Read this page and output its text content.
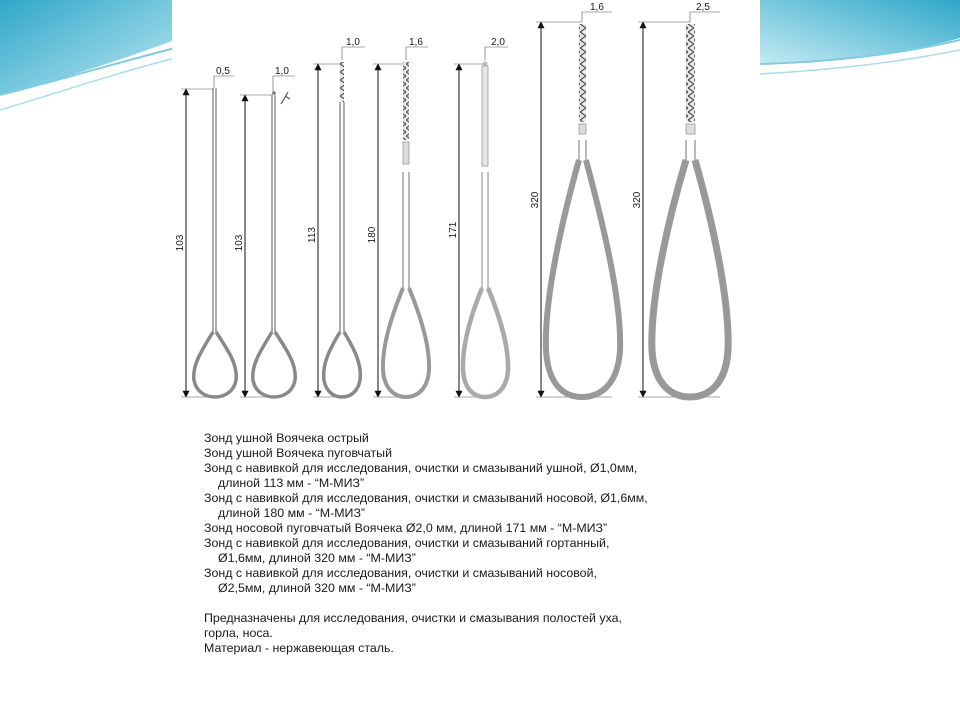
103
0,5
103
1,0
113
1,0
180
1,6
171
2,0
320
1,6
320
2,5
Зонд ушной Воячека острый
Зонд ушной Воячека пуговчатый
Зонд с навивкой для исследования, очистки и смазываний ушной, Ø1,0мм,
длиной 113 мм - “М-МИЗ”
Зонд с навивкой для исследования, очистки и смазываний носовой, Ø1,6мм,
длиной 180 мм - “М-МИЗ”
Зонд носовой пуговчатый Воячека Ø2,0 мм, длиной 171 мм - “М-МИЗ”
Зонд с навивкой для исследования, очистки и смазываний гортанный,
Ø1,6мм, длиной 320 мм - “М-МИЗ”
Зонд с навивкой для исследования, очистки и смазываний носовой,
Ø2,5мм, длиной 320 мм - “М-МИЗ”
Предназначены для исследования, очистки и смазывания полостей уха,
горла, носа.
Материал - нержавеющая сталь.
